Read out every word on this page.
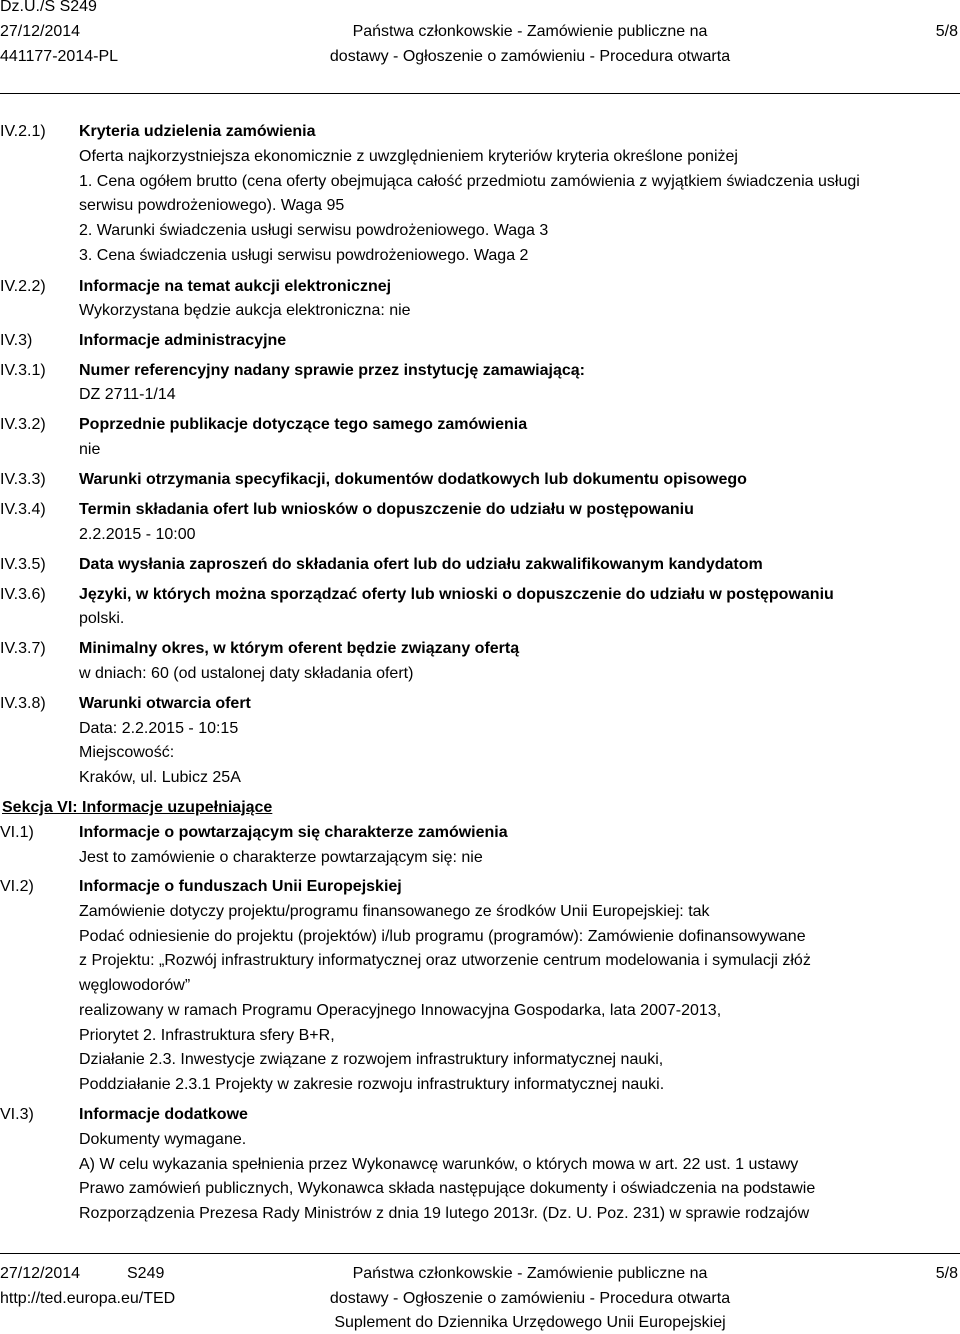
Dz.U./S S249
27/12/2014
441177-2014-PL
Państwa członkowskie - Zamówienie publiczne na
dostawy - Ogłoszenie o zamówieniu - Procedura otwarta
5/8
IV.2.1)
IV.2.2)
IV.3)
IV.3.1)
IV.3.2)
IV.3.3)
IV.3.4)
IV.3.5)
IV.3.6)
IV.3.7)
IV.3.8)
VI.1)
VI.2)
VI.3)
Kryteria udzielenia zamówienia
Oferta najkorzystniejsza ekonomicznie z uwzględnieniem kryteriów kryteria określone poniżej
1. Cena ogółem brutto (cena oferty obejmująca całość przedmiotu zamówienia z wyjątkiem świadczenia usługi
serwisu powdrożeniowego). Waga 95
2. Warunki świadczenia usługi serwisu powdrożeniowego. Waga 3
3. Cena świadczenia usługi serwisu powdrożeniowego. Waga 2
Informacje na temat aukcji elektronicznej
Wykorzystana będzie aukcja elektroniczna: nie
Informacje administracyjne
Numer referencyjny nadany sprawie przez instytucję zamawiającą:
DZ 2711-1/14
Poprzednie publikacje dotyczące tego samego zamówienia
nie
Warunki otrzymania specyfikacji, dokumentów dodatkowych lub dokumentu opisowego
Termin składania ofert lub wniosków o dopuszczenie do udziału w postępowaniu
2.2.2015 - 10:00
Data wysłania zaproszeń do składania ofert lub do udziału zakwalifikowanym kandydatom
Języki, w których można sporządzać oferty lub wnioski o dopuszczenie do udziału w postępowaniu
polski.
Minimalny okres, w którym oferent będzie związany ofertą
w dniach: 60 (od ustalonej daty składania ofert)
Warunki otwarcia ofert
Data: 2.2.2015 - 10:15
Miejscowość:
Kraków, ul. Lubicz 25A
Sekcja VI: Informacje uzupełniające
Informacje o powtarzającym się charakterze zamówienia
Jest to zamówienie o charakterze powtarzającym się: nie
Informacje o funduszach Unii Europejskiej
Zamówienie dotyczy projektu/programu finansowanego ze środków Unii Europejskiej: tak
Podać odniesienie do projektu (projektów) i/lub programu (programów): Zamówienie dofinansowywane
z Projektu: „Rozwój infrastruktury informatycznej oraz utworzenie centrum modelowania i symulacji złóż
węglowodorów”
realizowany w ramach Programu Operacyjnego Innowacyjna Gospodarka, lata 2007-2013,
Priorytet 2. Infrastruktura sfery B+R,
Działanie 2.3. Inwestycje związane z rozwojem infrastruktury informatycznej nauki,
Poddziałanie 2.3.1 Projekty w zakresie rozwoju infrastruktury informatycznej nauki.
Informacje dodatkowe
Dokumenty wymagane.
A) W celu wykazania spełnienia przez Wykonawcę warunków, o których mowa w art. 22 ust. 1 ustawy
Prawo zamówień publicznych, Wykonawca składa następujące dokumenty i oświadczenia na podstawie
Rozporządzenia Prezesa Rady Ministrów z dnia 19 lutego 2013r. (Dz. U. Poz. 231) w sprawie rodzajów
27/12/2014	S249
http://ted.europa.eu/TED
Państwa członkowskie - Zamówienie publiczne na
dostawy - Ogłoszenie o zamówieniu - Procedura otwarta
Suplement do Dziennika Urzędowego Unii Europejskiej
5/8
